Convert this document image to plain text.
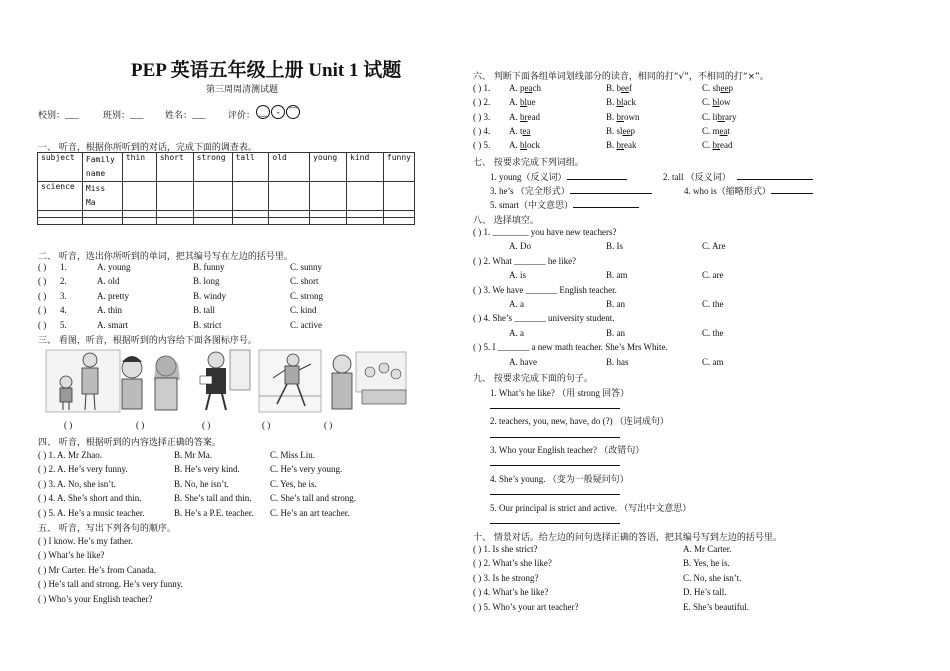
PEP 英语五年级上册 Unit 1 试题
第三周周清测试题
校别：___	班别：___ 姓名：___ 评价： ‿ - ⁀
一、 听音，根据你所听到的对话，完成下面的调查表。
subject	Family name	thin	short	strong	tall	old	young	kind	funny
science	Miss Ma								

二、 听音，选出你所听到的单词，把其编号写在左边的括号里。
( ) 1.	A. young	B. funny	C. sunny
( ) 2.	A. old	B. long	C. short
( ) 3.	A. pretty	B. windy	C. strong
( ) 4.	A. thin	B. tall	C. kind
( ) 5.	A. smart	B. strict	C. active
三、 看图，听音，根据听到的内容给下面各图标序号。
( )	( )	( )	( )	( )
四、 听音，根据听到的内容选择正确的答案。
( ) 1. A. Mr Zhao.	B. Mr Ma.	C. Miss Liu.
( ) 2. A. He’s very funny.	B. He’s very kind.	C. He’s very young.
( ) 3. A. No, she isn’t.	B. No, he isn’t.	C. Yes, he is.
( ) 4. A. She’s short and thin.	B. She’s tall and thin. C. She’s tall and strong.
( ) 5. A. He’s a music teacher.	B. He’s a P.E. teacher. C. He’s an art teacher.
五、 听音，写出下列各句的顺序。
( ) I know. He’s my father.
( ) What’s he like?
( ) Mr Carter. He’s from Canada.
( ) He’s tall and strong. He’s very funny.
( ) Who’s your English teacher?
六、 判断下面各组单词划线部分的读音，相同的打“√”，不相同的打“×”。
( ) 1. A. peach	B. beef	C. sheep
( ) 2. A. blue	B. black	C. blow
( ) 3. A. bread	B. brown	C. library
( ) 4. A. tea	B. sleep	C. meat
( ) 5. A. block	B. break	C. bread
七、 按要求完成下列词组。
1. young（反义词）	2. tall （反义词）
3. he’s （完全形式）	4. who is（缩略形式）
5. smart（中文意思）
八、 选择填空。
( ) 1. ________ you have new teachers?
A. Do	B. Is	C. Are
( ) 2. What _______ he like?
A. is	B. am	C. are
( ) 3. We have _______ English teacher.
A. a	B. an	C. the
( ) 4. She’s _______ university student.
A. a	B. an	C. the
( ) 5. I _______ a new math teacher. She’s Mrs White.
A. have	B. has	C. am
九、 按要求完成下面的句子。
1. What’s he like? （用 strong 回答）
2. teachers, you, new, have, do (?) （连词成句）
3. Who your English teacher? （改错句）
4. She’s young. （变为一般疑问句）
5. Our principal is strict and active. （写出中文意思）
十、 情景对话。给左边的问句选择正确的答语，把其编号写到左边的括号里。
( ) 1. Is she strict?	A. Mr Carter.
( ) 2. What’s she like?	B. Yes, he is.
( ) 3. Is he strong?	C. No, she isn’t.
( ) 4. What’s he like?	D. He’s tall.
( ) 5. Who’s your art teacher?	E. She’s beautiful.
